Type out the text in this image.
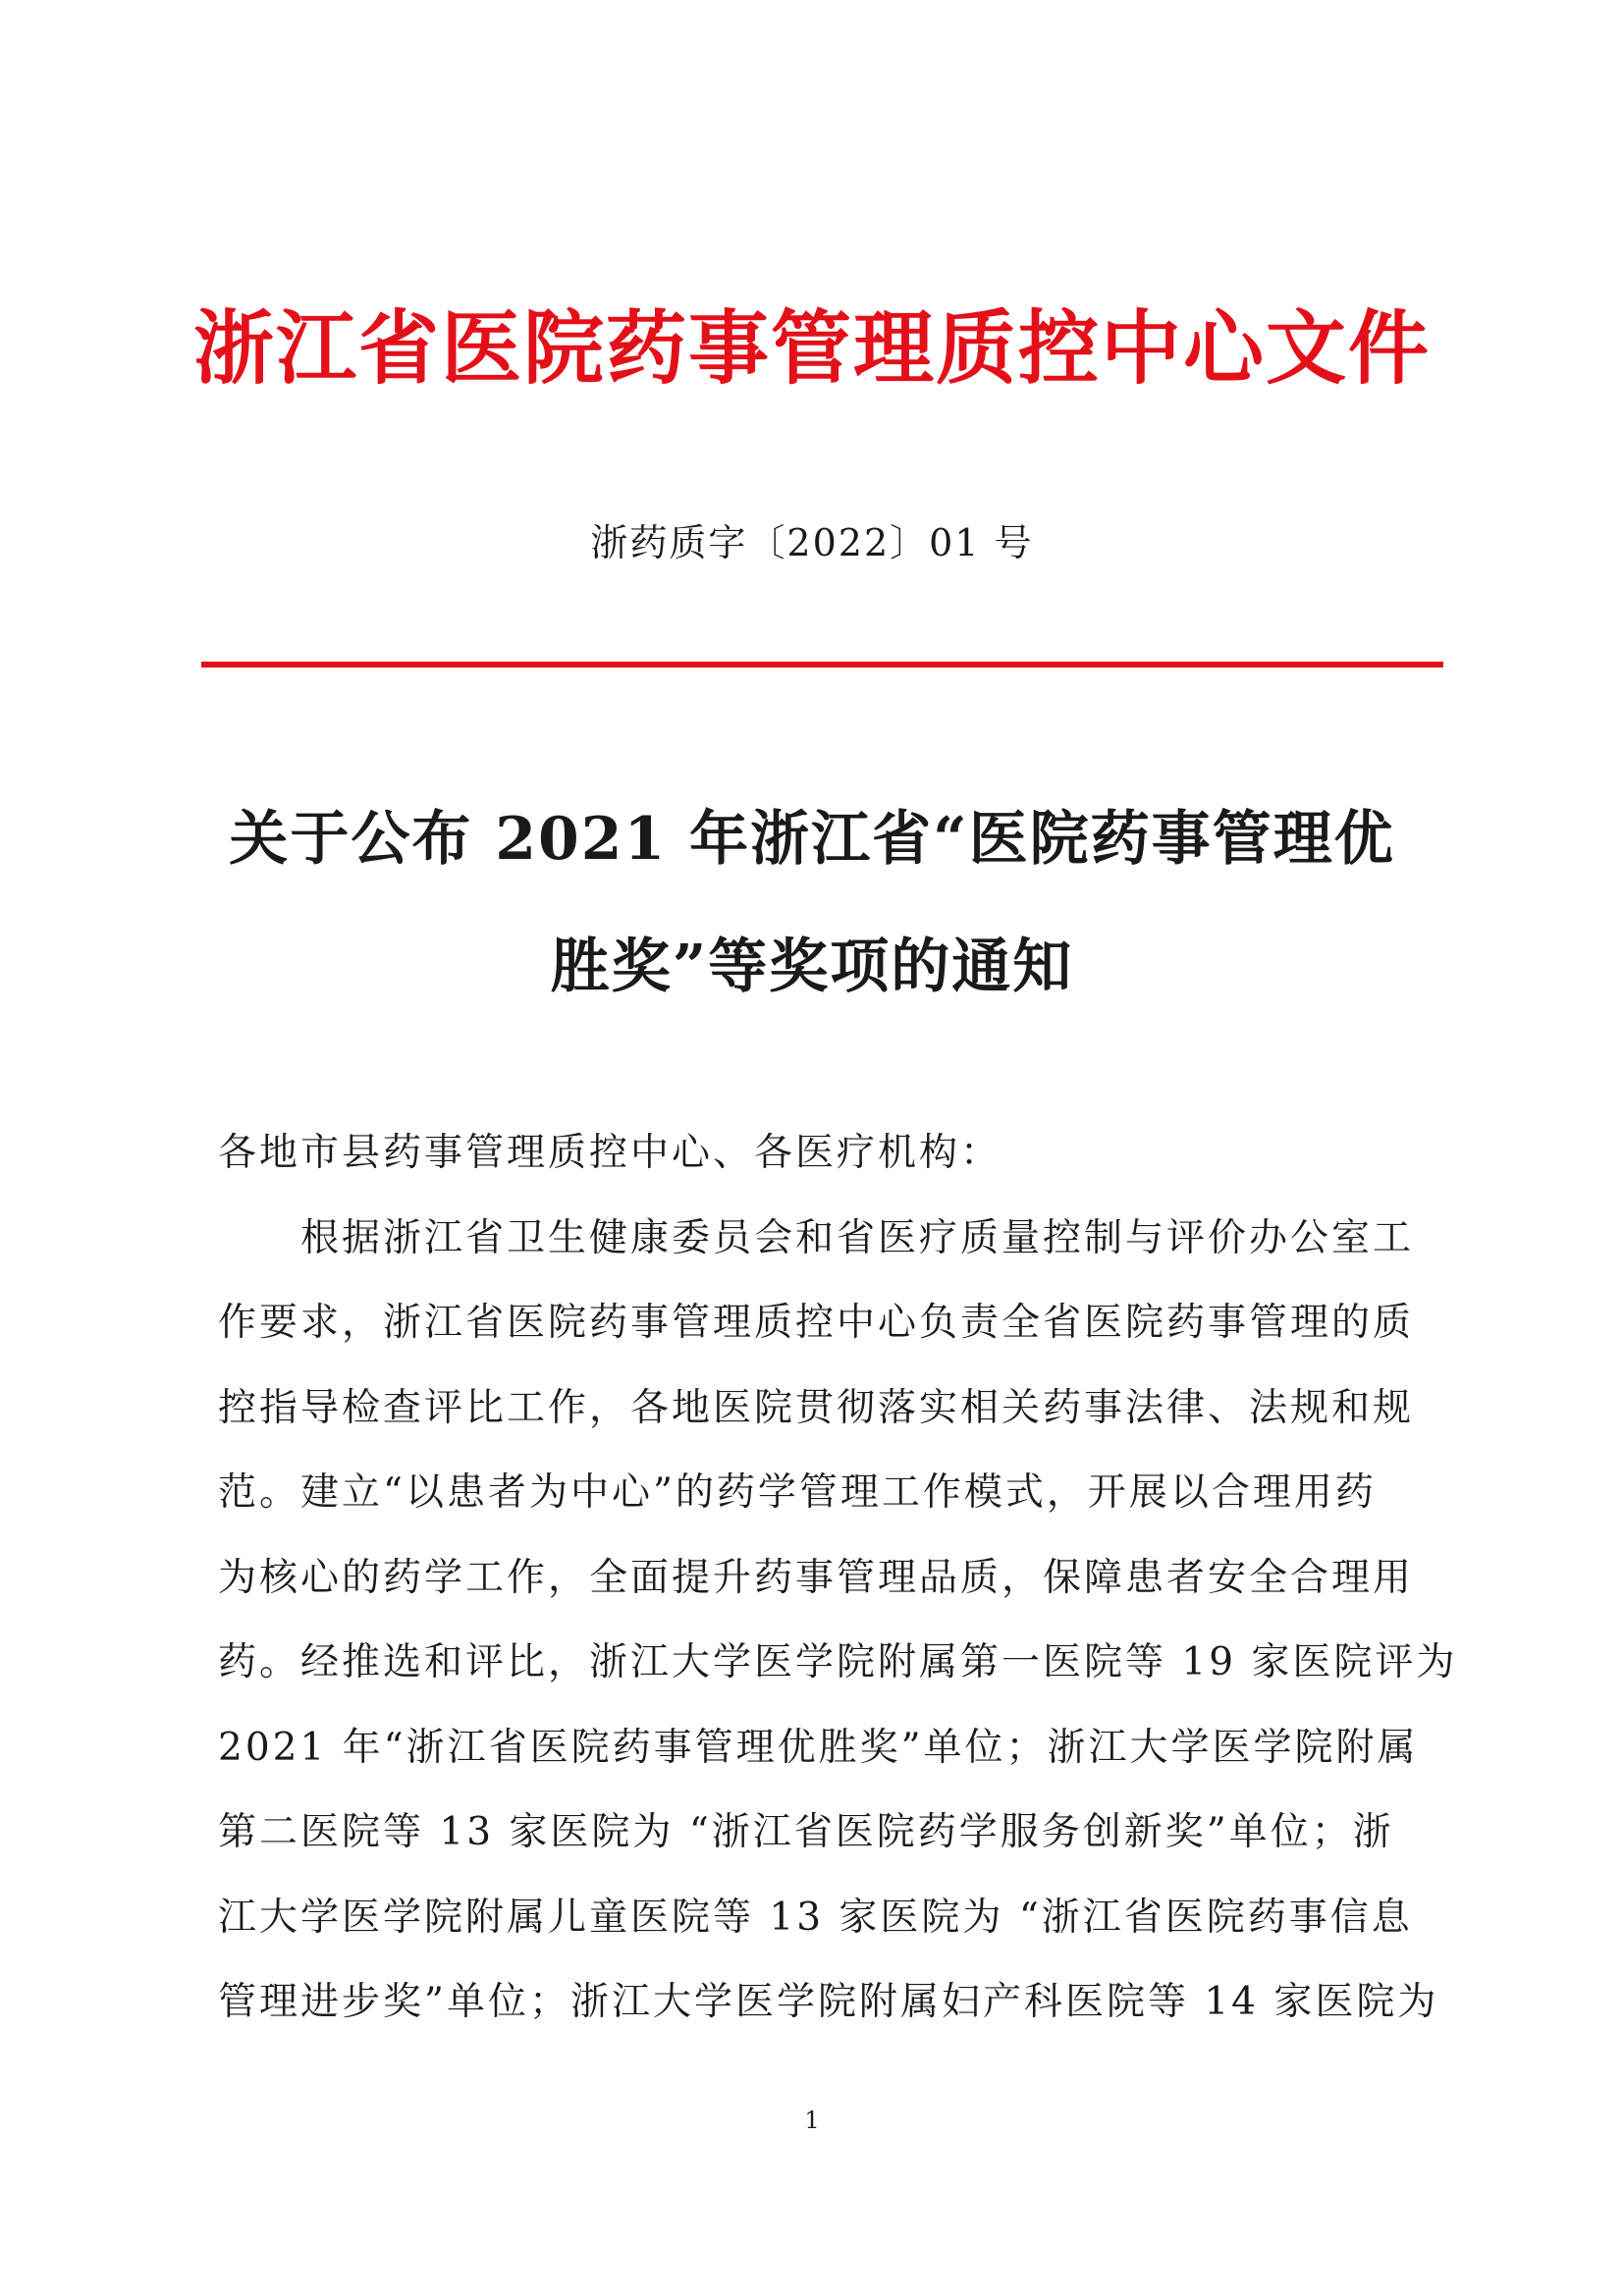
浙江省医院药事管理质控中心文件
浙药质字〔2022〕01 号
关于公布 2021 年浙江省“医院药事管理优
胜奖”等奖项的通知
各地市县药事管理质控中心、各医疗机构：
根据浙江省卫生健康委员会和省医疗质量控制与评价办公室工
作要求，浙江省医院药事管理质控中心负责全省医院药事管理的质
控指导检查评比工作，各地医院贯彻落实相关药事法律、法规和规
范。建立“以患者为中心”的药学管理工作模式，开展以合理用药
为核心的药学工作，全面提升药事管理品质，保障患者安全合理用
药。经推选和评比，浙江大学医学院附属第一医院等 19 家医院评为
2021 年“浙江省医院药事管理优胜奖”单位；浙江大学医学院附属
第二医院等 13 家医院为 “浙江省医院药学服务创新奖”单位；浙
江大学医学院附属儿童医院等 13 家医院为 “浙江省医院药事信息
管理进步奖”单位；浙江大学医学院附属妇产科医院等 14 家医院为
1
